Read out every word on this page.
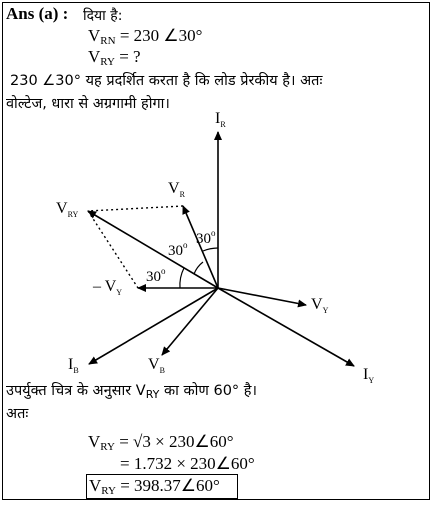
Ans (a) : दिया है:
$V_{RN} = 230$ ∠30°
$V_{RY}$ = ?
230 ∠30° यह प्रदर्शित करता है कि लोड प्रेरकीय है। अतः
वोल्टेज, धारा से अग्रगामी होगा।
$I_R$
$V_R$
$V_{RY}$
– $V_Y$
$V_Y$
$I_B$	$V_B$	$I_Y$
30$^o$
30$^o$
30$^o$
उपर्युक्त चित्र के अनुसार $V_{RY}$ का कोण 60° है।
अतः
$V_{RY} = √3$ × 230∠60°
= 1.732 × 230∠60°
$V_{RY}$ = 398.37∠60°
